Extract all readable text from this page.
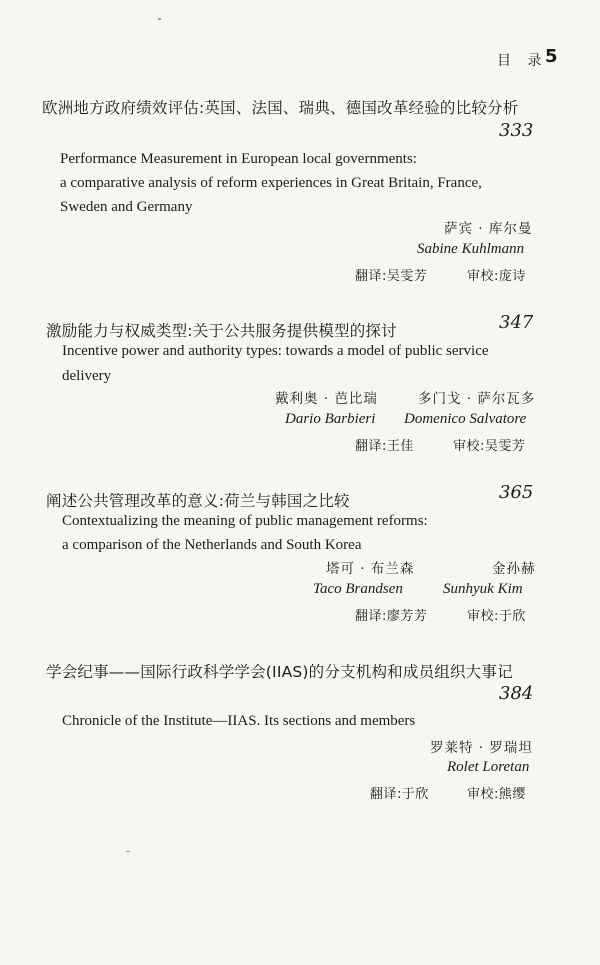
目 录
5
欧洲地方政府绩效评估:英国、法国、瑞典、德国改革经验的比较分析
333
Performance Measurement in European local governments:
a comparative analysis of reform experiences in Great Britain, France,
Sweden and Germany
萨宾 · 库尔曼
Sabine Kuhlmann
翻译:吴雯芳	审校:庞诗
激励能力与权威类型:关于公共服务提供模型的探讨	347
Incentive power and authority types: towards a model of public service
delivery
戴利奥 · 芭比瑞	多门戈 · 萨尔瓦多
Dario Barbieri Domenico Salvatore
翻译:王佳	审校:吴雯芳
阐述公共管理改革的意义:荷兰与韩国之比较	365
Contextualizing the meaning of public management reforms:
a comparison of the Netherlands and South Korea
塔可 · 布兰森	金孙赫
Taco Brandsen	Sunhyuk Kim
翻译:廖芳芳	审校:于欣
学会纪事——国际行政科学学会(IIAS)的分支机构和成员组织大事记
384
Chronicle of the Institute—IIAS. Its sections and members
罗莱特 · 罗瑞坦
Rolet Loretan
翻译:于欣	审校:熊缨
